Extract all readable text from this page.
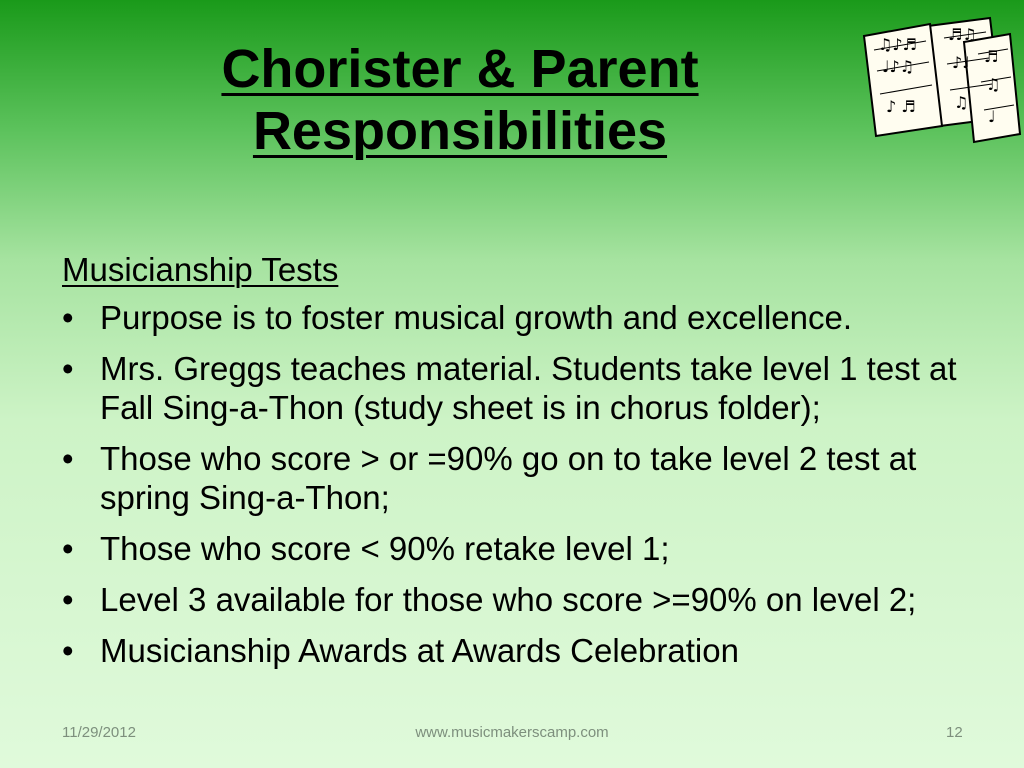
Chorister & Parent
Responsibilities
♫♪♬
♩♪♫
♪ ♬
♬♫
♪♩
♫
♬
♫
♩
Musicianship Tests
• Purpose is to foster musical growth and excellence.
• Mrs. Greggs teaches material. Students take level 1 test at Fall Sing-a-Thon (study sheet is in chorus folder);
• Those who score > or =90% go on to take level 2 test at spring Sing-a-Thon;
• Those who score < 90% retake level 1;
• Level 3 available for those who score >=90% on level 2;
• Musicianship Awards at Awards Celebration
11/29/2012	www.musicmakerscamp.com	12
